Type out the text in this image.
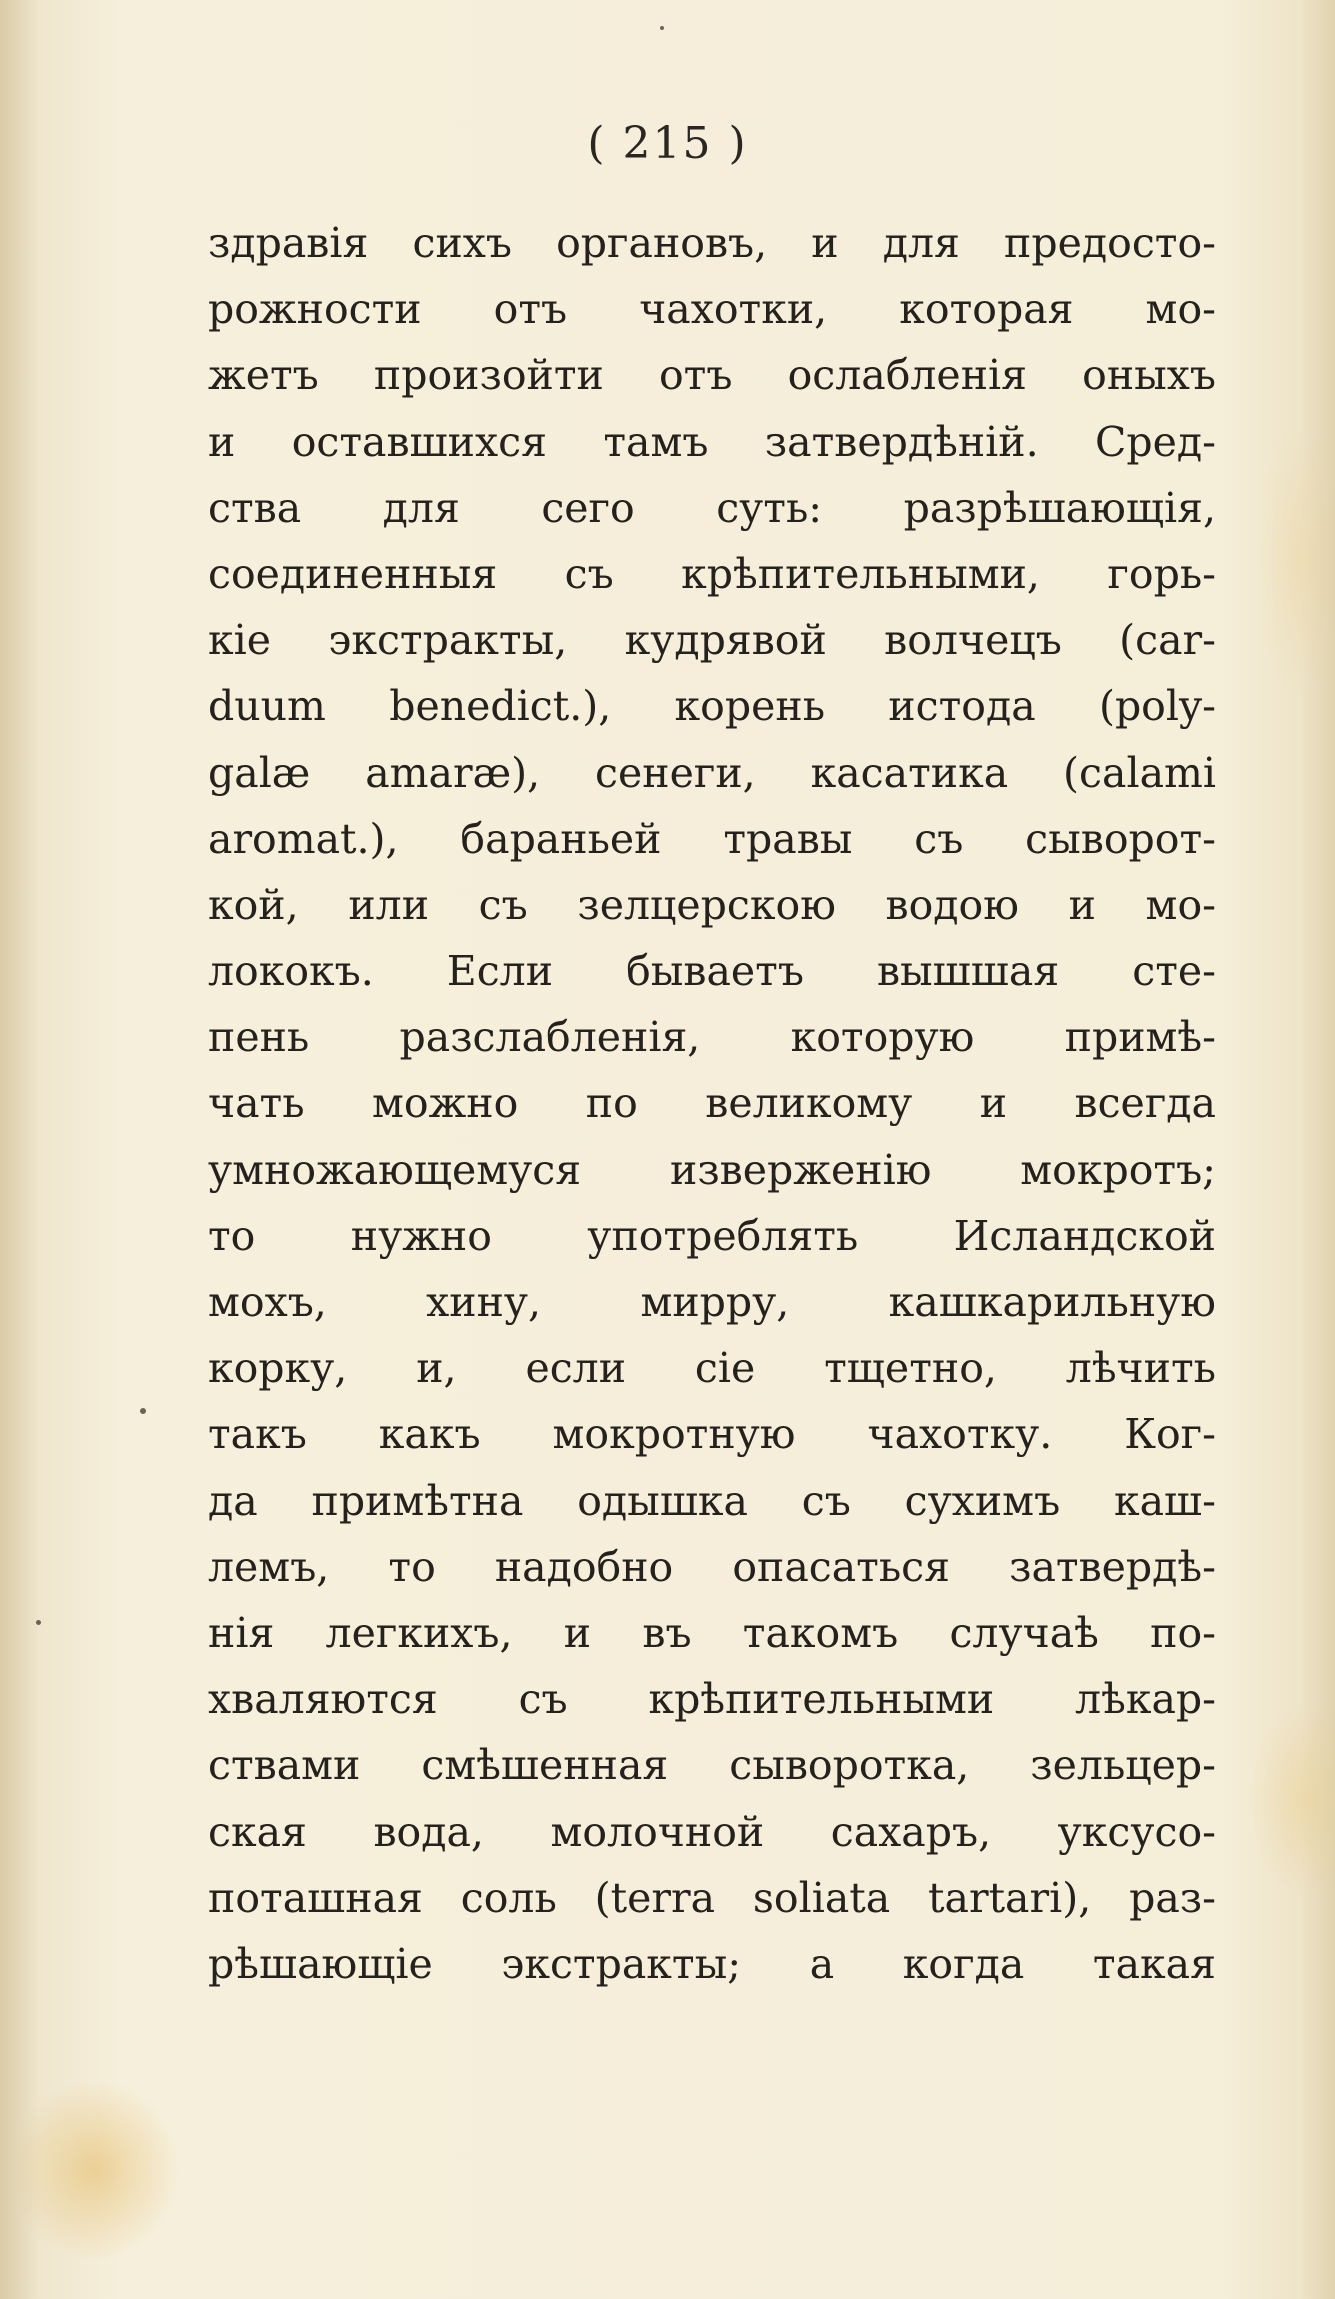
( 215 )
здравія сихъ органовъ, и для предосто-
рожности отъ чахотки, которая мо-
жетъ произойти отъ ослабленія оныхъ
и оставшихся тамъ затвердѣній. Сред-
ства для сего суть: разрѣшающія,
соединенныя съ крѣпительными, горь-
кіе экстракты, кудрявой волчецъ (car-
duum benedict.), корень истода (poly-
galæ amaræ), сенеги, касатика (calami
aromat.), бараньей травы съ сыворот-
кой, или съ зелцерскою водою и мо-
лококъ. Если бываетъ вышшая сте-
пень разслабленія, которую примѣ-
чать можно по великому и всегда
умножающемуся изверженію мокротъ;
то нужно употреблять Исландской
мохъ, хину, мирру, кашкарильную
корку, и, если сіе тщетно, лѣчить
такъ какъ мокротную чахотку. Ког-
да примѣтна одышка съ сухимъ каш-
лемъ, то надобно опасаться затвердѣ-
нія легкихъ, и въ такомъ случаѣ по-
хваляются съ крѣпительными лѣкар-
ствами смѣшенная сыворотка, зельцер-
ская вода, молочной сахаръ, уксусо-
поташная соль (terra soliata tartari), раз-
рѣшающіе экстракты; а когда такая
